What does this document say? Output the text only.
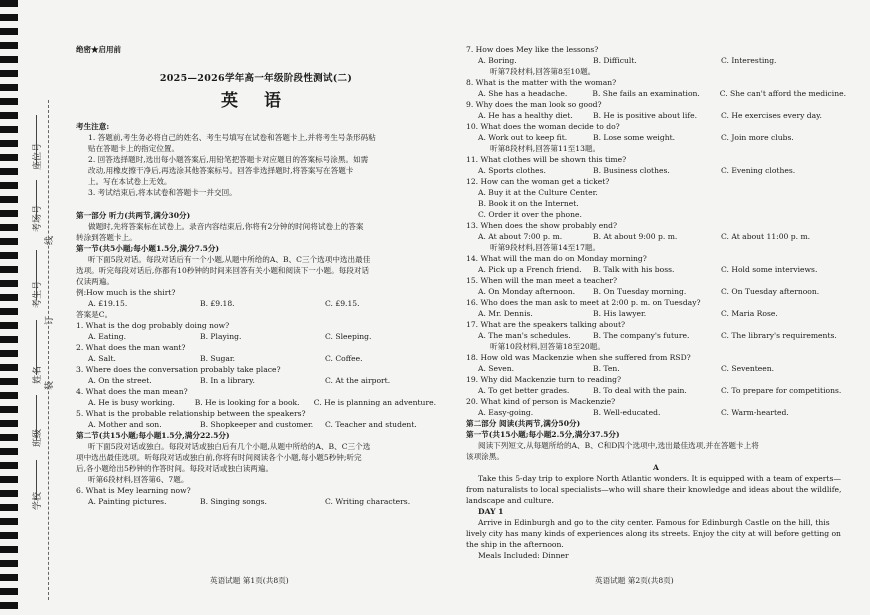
座位号
考场号
考生号
姓名
班级
学校
线
订
装

绝密★启用前

2025—2026学年高一年级阶段性测试(二)

英 语

考生注意:

1. 答题前,考生务必将自己的姓名、考生号填写在试卷和答题卡上,并将考生号条形码粘

贴在答题卡上的指定位置。

2. 回答选择题时,选出每小题答案后,用铅笔把答题卡对应题目的答案标号涂黑。如需

改动,用橡皮擦干净后,再选涂其他答案标号。回答非选择题时,将答案写在答题卡

上。写在本试卷上无效。

3. 考试结束后,将本试卷和答题卡一并交回。

第一部分 听力(共两节,满分30分)

做题时,先将答案标在试卷上。录音内容结束后,你将有2分钟的时间将试卷上的答案

转涂到答题卡上。

第一节(共5小题;每小题1.5分,满分7.5分)

听下面5段对话。每段对话后有一个小题,从题中所给的A、B、C三个选项中选出最佳

选项。听完每段对话后,你都有10秒钟的时间来回答有关小题和阅读下一小题。每段对话

仅读两遍。

例:How much is the shirt?

A. £19.15.	B. £9.18.	C. £9.15.

答案是C。

1. What is the dog probably doing now?

A. Eating.	B. Playing.	C. Sleeping.

2. What does the man want?

A. Salt.	B. Sugar.	C. Coffee.

3. Where does the conversation probably take place?

A. On the street.	B. In a library.	C. At the airport.

4. What does the man mean?

A. He is busy working.	B. He is looking for a book.	C. He is planning an adventure.

5. What is the probable relationship between the speakers?

A. Mother and son.	B. Shopkeeper and customer.	C. Teacher and student.

第二节(共15小题;每小题1.5分,满分22.5分)

听下面5段对话或独白。每段对话或独白后有几个小题,从题中所给的A、B、C三个选

项中选出最佳选项。听每段对话或独白前,你将有时间阅读各个小题,每小题5秒钟;听完

后,各小题给出5秒钟的作答时间。每段对话或独白读两遍。

听第6段材料,回答第6、7题。

6. What is Mey learning now?

A. Painting pictures.	B. Singing songs.	C. Writing characters.
英语试题 第1页(共8页)

7. How does Mey like the lessons?

A. Boring.	B. Difficult.	C. Interesting.

听第7段材料,回答第8至10题。

8. What is the matter with the woman?

A. She has a headache.	B. She fails an examination.	C. She can't afford the medicine.

9. Why does the man look so good?

A. He has a healthy diet.	B. He is positive about life.	C. He exercises every day.

10. What does the woman decide to do?

A. Work out to keep fit.	B. Lose some weight.	C. Join more clubs.

听第8段材料,回答第11至13题。

11. What clothes will be shown this time?

A. Sports clothes.	B. Business clothes.	C. Evening clothes.

12. How can the woman get a ticket?

A. Buy it at the Culture Center.

B. Book it on the Internet.

C. Order it over the phone.

13. When does the show probably end?

A. At about 7:00 p. m.	B. At about 9:00 p. m.	C. At about 11:00 p. m.

听第9段材料,回答第14至17题。

14. What will the man do on Monday morning?

A. Pick up a French friend.	B. Talk with his boss.	C. Hold some interviews.

15. When will the man meet a teacher?

A. On Monday afternoon.	B. On Tuesday morning.	C. On Tuesday afternoon.

16. Who does the man ask to meet at 2:00 p. m. on Tuesday?

A. Mr. Dennis.	B. His lawyer.	C. Maria Rose.

17. What are the speakers talking about?

A. The man's schedules.	B. The company's future.	C. The library's requirements.

听第10段材料,回答第18至20题。

18. How old was Mackenzie when she suffered from RSD?

A. Seven.	B. Ten.	C. Seventeen.

19. Why did Mackenzie turn to reading?

A. To get better grades.	B. To deal with the pain.	C. To prepare for competitions.

20. What kind of person is Mackenzie?

A. Easy-going.	B. Well-educated.	C. Warm-hearted.

第二部分 阅读(共两节,满分50分)

第一节(共15小题;每小题2.5分,满分37.5分)

阅读下列短文,从每题所给的A、B、C和D四个选项中,选出最佳选项,并在答题卡上将

该项涂黑。

A

Take this 5-day trip to explore North Atlantic wonders. It is equipped with a team of experts—

from naturalists to local specialists—who will share their knowledge and ideas about the wildlife,

landscape and culture.

DAY 1

Arrive in Edinburgh and go to the city center. Famous for Edinburgh Castle on the hill, this

lively city has many kinds of experiences along its streets. Enjoy the city at will before getting on

the ship in the afternoon.

Meals Included: Dinner

英语试题 第2页(共8页)
